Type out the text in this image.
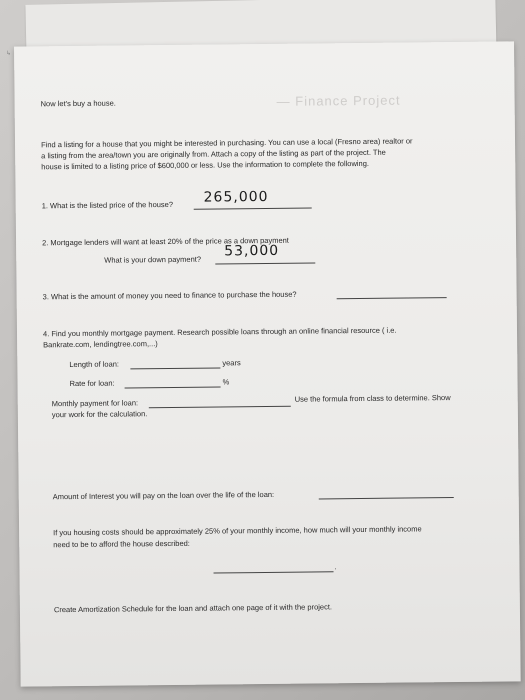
— Finance Project
Now let's buy a house.
Find a listing for a house that you might be interested in purchasing. You can use a local (Fresno area) realtor or
a listing from the area/town you are originally from. Attach a copy of the listing as part of the project. The
house is limited to a listing price of $600,000 or less. Use the information to complete the following.
1. What is the listed price of the house? 265,000
2. Mortgage lenders will want at least 20% of the price as a down payment
What is your down payment?
53,000
3. What is the amount of money you need to finance to purchase the house?
4. Find you monthly mortgage payment. Research possible loans through an online financial resource ( i.e.
Bankrate.com, lendingtree.com,...)
Length of loan:	years
Rate for loan:	%
Monthly payment for loan:	Use the formula from class to determine. Show
your work for the calculation.
Amount of Interest you will pay on the loan over the life of the loan:
If you housing costs should be approximately 25% of your monthly income, how much will your monthly income
need to be to afford the house described:
.
Create Amortization Schedule for the loan and attach one page of it with the project.
↳
